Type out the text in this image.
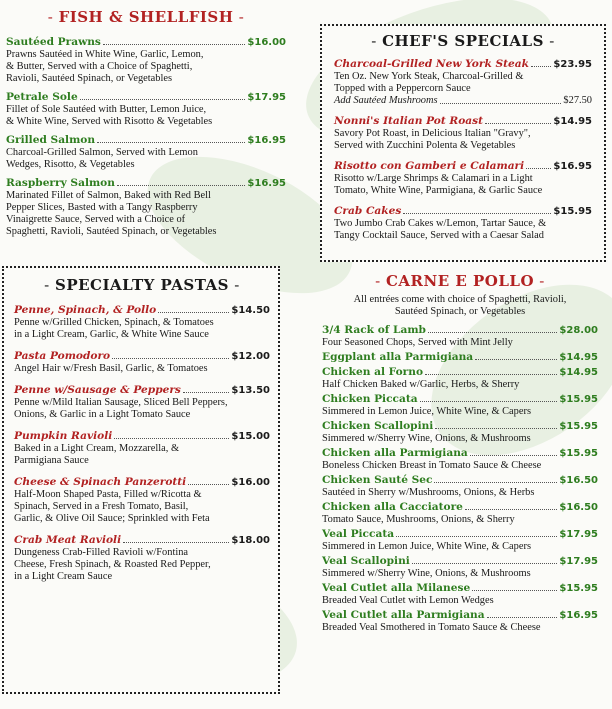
- FISH & SHELLFISH -
Sautéed Prawns	$16.00
Prawns Sautéed in White Wine, Garlic, Lemon,
& Butter, Served with a Choice of Spaghetti,
Ravioli, Sautéed Spinach, or Vegetables
Petrale Sole	$17.95
Fillet of Sole Sautéed with Butter, Lemon Juice,
& White Wine, Served with Risotto & Vegetables
Grilled Salmon	$16.95
Charcoal-Grilled Salmon, Served with Lemon
Wedges, Risotto, & Vegetables
Raspberry Salmon	$16.95
Marinated Fillet of Salmon, Baked with Red Bell
Pepper Slices, Basted with a Tangy Raspberry
Vinaigrette Sauce, Served with a Choice of
Spaghetti, Ravioli, Sautéed Spinach, or Vegetables
- CHEF'S SPECIALS -
Charcoal-Grilled New York Steak $23.95
Ten Oz. New York Steak, Charcoal-Grilled &
Topped with a Peppercorn Sauce
Add Sautéed Mushrooms	$27.50
Nonni's Italian Pot Roast	$14.95
Savory Pot Roast, in Delicious Italian "Gravy",
Served with Zucchini Polenta & Vegetables
Risotto con Gamberi e Calamari	$16.95
Risotto w/Large Shrimps & Calamari in a Light
Tomato, White Wine, Parmigiana, & Garlic Sauce
Crab Cakes	$15.95
Two Jumbo Crab Cakes w/Lemon, Tartar Sauce, &
Tangy Cocktail Sauce, Served with a Caesar Salad
- SPECIALTY PASTAS -
Penne, Spinach, & Pollo	$14.50
Penne w/Grilled Chicken, Spinach, & Tomatoes
in a Light Cream, Garlic, & White Wine Sauce
Pasta Pomodoro	$12.00
Angel Hair w/Fresh Basil, Garlic, & Tomatoes
Penne w/Sausage & Peppers	$13.50
Penne w/Mild Italian Sausage, Sliced Bell Peppers,
Onions, & Garlic in a Light Tomato Sauce
Pumpkin Ravioli	$15.00
Baked in a Light Cream, Mozzarella, &
Parmigiana Sauce
Cheese & Spinach Panzerotti	$16.00
Half-Moon Shaped Pasta, Filled w/Ricotta &
Spinach, Served in a Fresh Tomato, Basil,
Garlic, & Olive Oil Sauce; Sprinkled with Feta
Crab Meat Ravioli	$18.00
Dungeness Crab-Filled Ravioli w/Fontina
Cheese, Fresh Spinach, & Roasted Red Pepper,
in a Light Cream Sauce
- CARNE E POLLO -
All entrées come with choice of Spaghetti, Ravioli,
Sautéed Spinach, or Vegetables
3/4 Rack of Lamb	$28.00
Four Seasoned Chops, Served with Mint Jelly
Eggplant alla Parmigiana	$14.95
Chicken al Forno	$14.95
Half Chicken Baked w/Garlic, Herbs, & Sherry
Chicken Piccata	$15.95
Simmered in Lemon Juice, White Wine, & Capers
Chicken Scallopini	$15.95
Simmered w/Sherry Wine, Onions, & Mushrooms
Chicken alla Parmigiana	$15.95
Boneless Chicken Breast in Tomato Sauce & Cheese
Chicken Sauté Sec	$16.50
Sautéed in Sherry w/Mushrooms, Onions, & Herbs
Chicken alla Cacciatore	$16.50
Tomato Sauce, Mushrooms, Onions, & Sherry
Veal Piccata	$17.95
Simmered in Lemon Juice, White Wine, & Capers
Veal Scallopini	$17.95
Simmered w/Sherry Wine, Onions, & Mushrooms
Veal Cutlet alla Milanese	$15.95
Breaded Veal Cutlet with Lemon Wedges
Veal Cutlet alla Parmigiana	$16.95
Breaded Veal Smothered in Tomato Sauce & Cheese
